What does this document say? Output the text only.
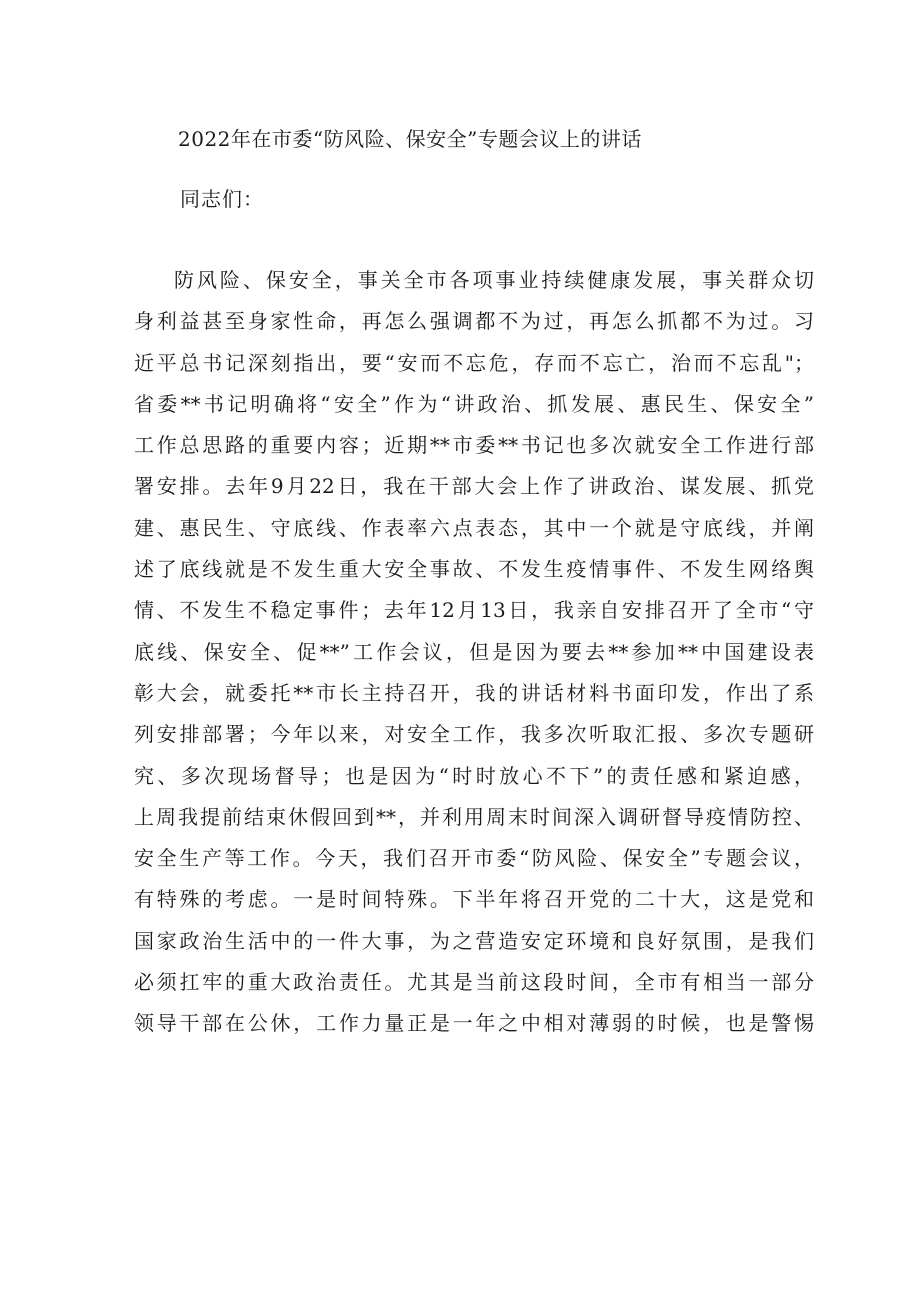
2022年在市委“防风险、保安全”专题会议上的讲话
同志们：
防风险、保安全，事关全市各项事业持续健康发展，事关群众切
身利益甚至身家性命，再怎么强调都不为过，再怎么抓都不为过。习
近平总书记深刻指出，要“安而不忘危，存而不忘亡，治而不忘乱"；
省委**书记明确将“安全”作为“讲政治、抓发展、惠民生、保安全”
工作总思路的重要内容；近期**市委**书记也多次就安全工作进行部
署安排。去年9月22日，我在干部大会上作了讲政治、谋发展、抓党
建、惠民生、守底线、作表率六点表态，其中一个就是守底线，并阐
述了底线就是不发生重大安全事故、不发生疫情事件、不发生网络舆
情、不发生不稳定事件；去年12月13日，我亲自安排召开了全市“守
底线、保安全、促**”工作会议，但是因为要去**参加**中国建设表
彰大会，就委托**市长主持召开，我的讲话材料书面印发，作出了系
列安排部署；今年以来，对安全工作，我多次听取汇报、多次专题研
究、多次现场督导；也是因为“时时放心不下”的责任感和紧迫感，
上周我提前结束休假回到**，并利用周末时间深入调研督导疫情防控、
安全生产等工作。今天，我们召开市委“防风险、保安全”专题会议，
有特殊的考虑。一是时间特殊。下半年将召开党的二十大，这是党和
国家政治生活中的一件大事，为之营造安定环境和良好氛围，是我们
必须扛牢的重大政治责任。尤其是当前这段时间，全市有相当一部分
领导干部在公休，工作力量正是一年之中相对薄弱的时候，也是警惕
